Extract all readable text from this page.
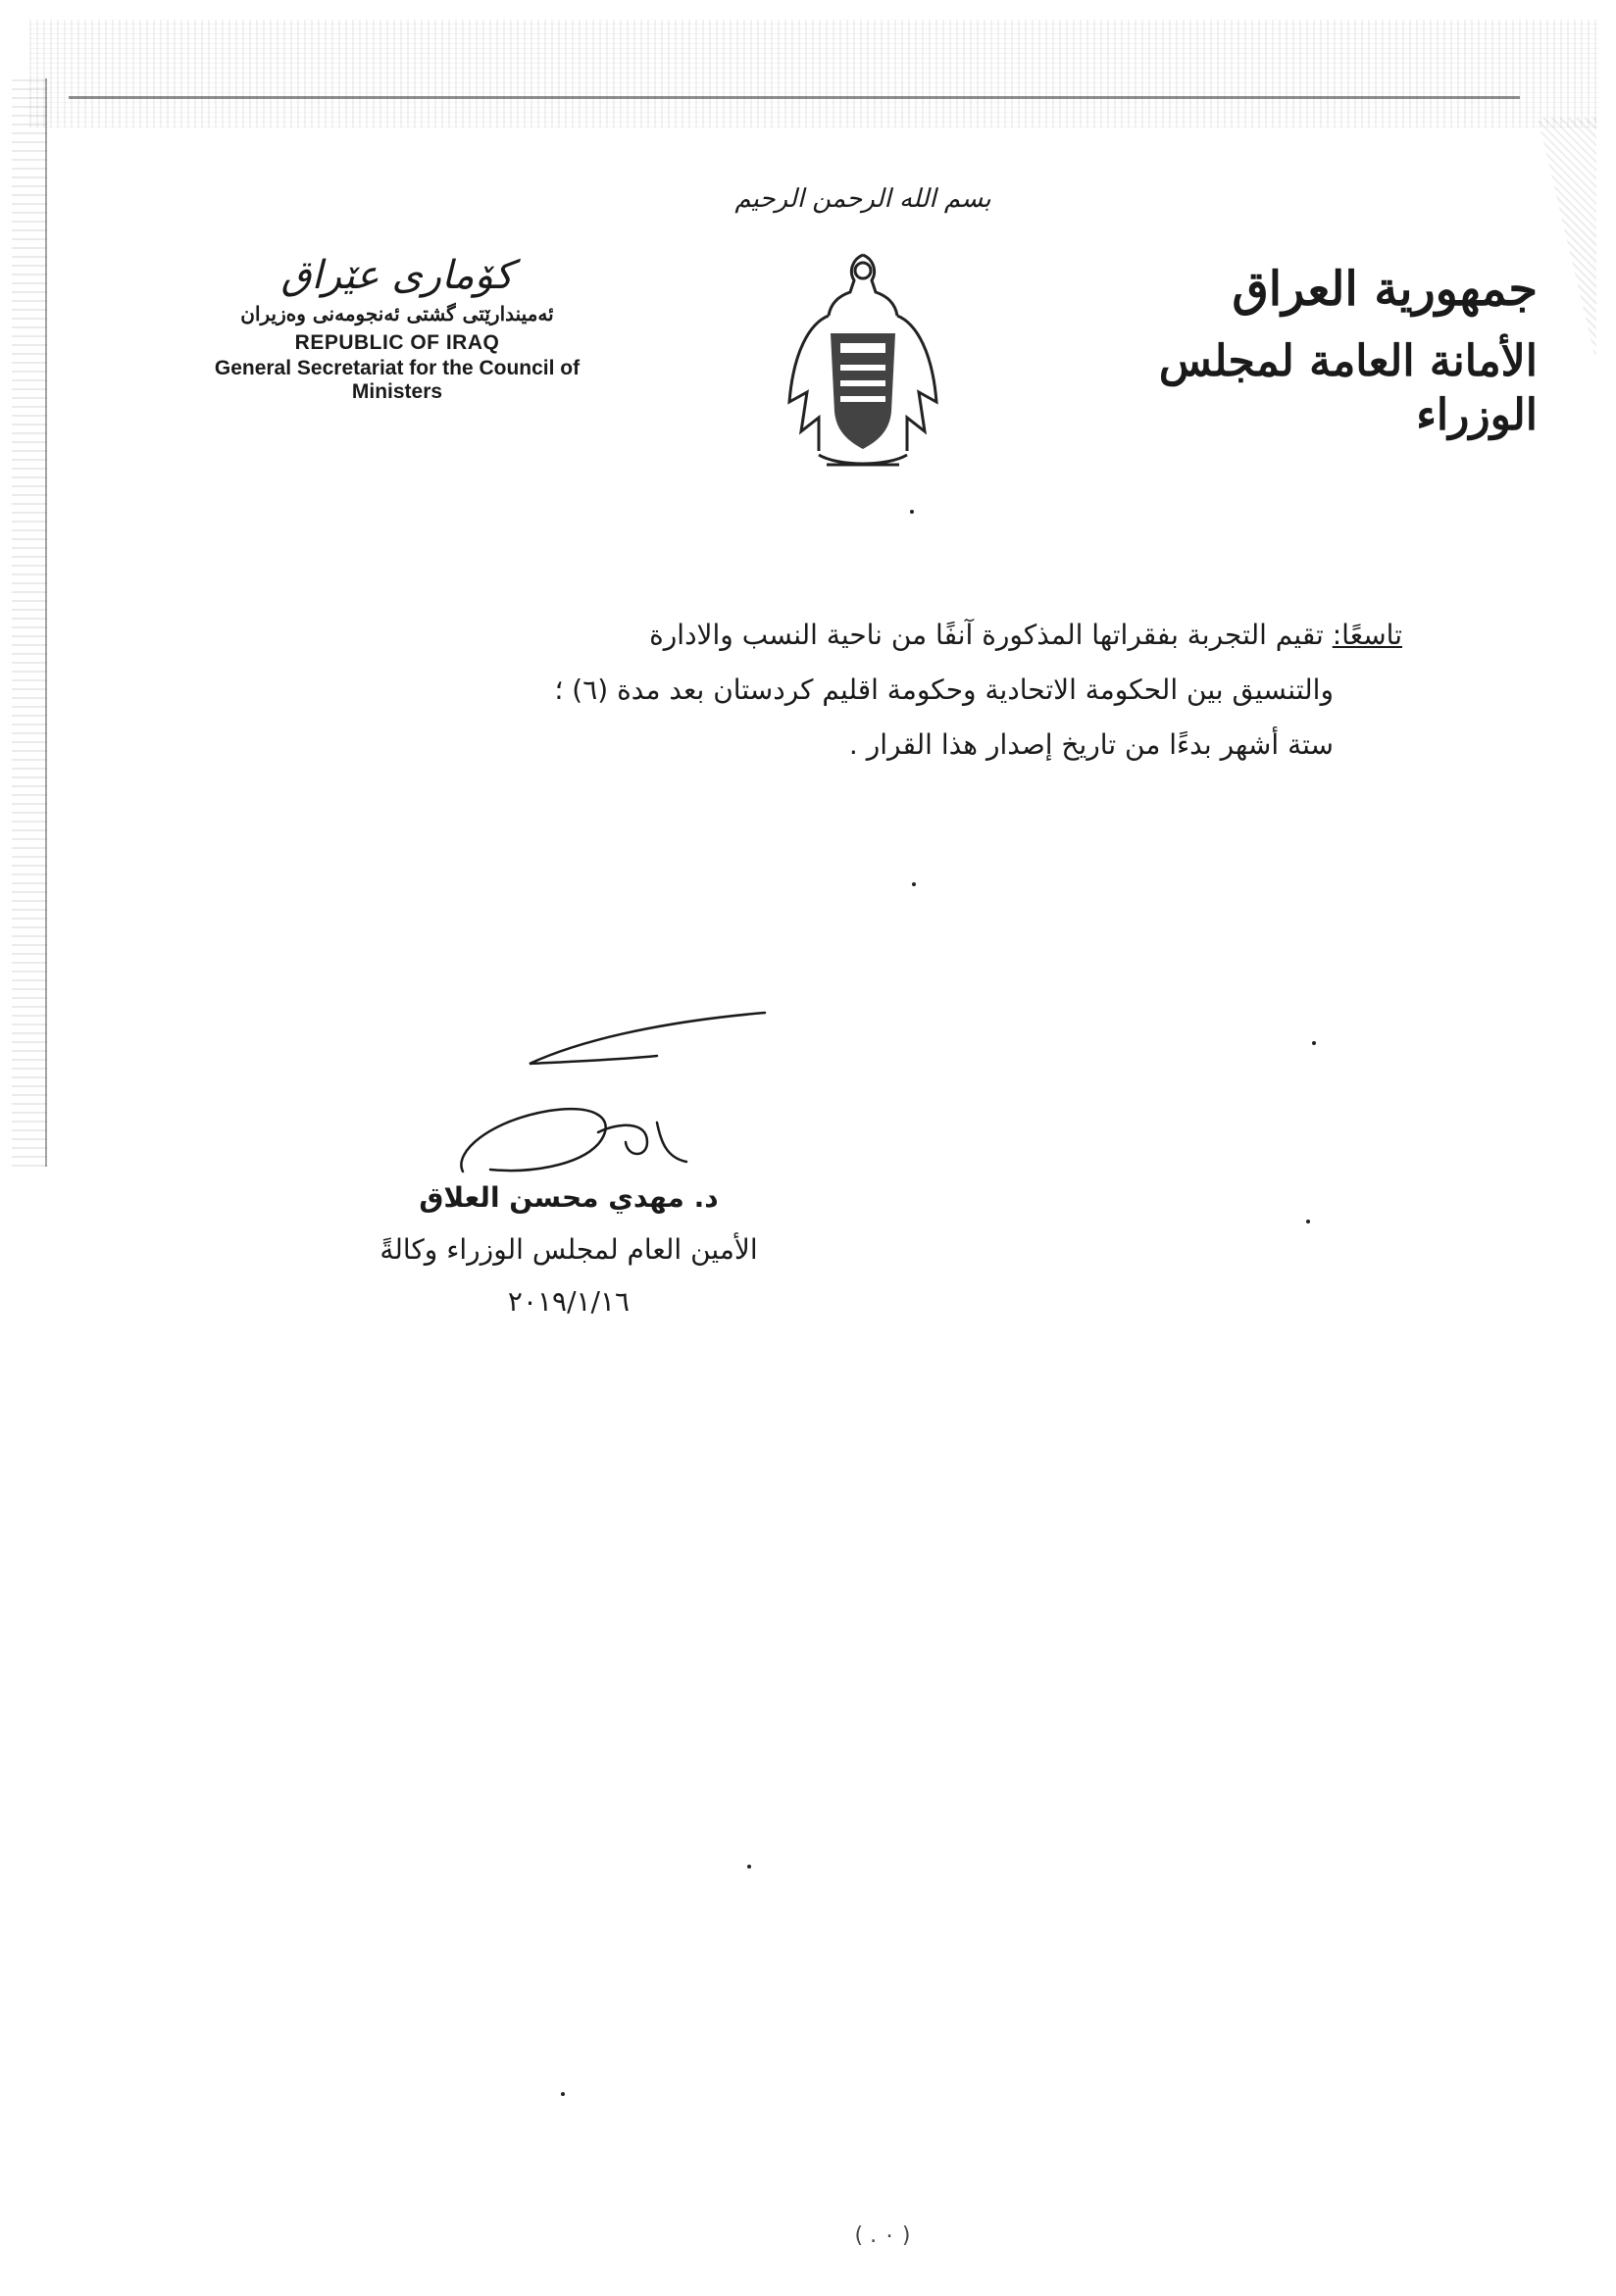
بسم الله الرحمن الرحيم
جمهورية العراق
الأمانة العامة لمجلس الوزراء
كۆماری عێراق
ئەمیندارێتی گشتی ئەنجومەنی وەزیران
REPUBLIC OF IRAQ
General Secretariat for the Council of Ministers
تاسعًا: تقيم التجربة بفقراتها المذكورة آنفًا من ناحية النسب والادارة
والتنسيق بين الحكومة الاتحادية وحكومة اقليم كردستان بعد مدة (٦) ؛
ستة أشهر بدءًا من تاريخ إصدار هذا القرار .
د. مهدي محسن العلاق
الأمين العام لمجلس الوزراء وكالةً
٢٠١٩/١/١٦
( ٠ . )
